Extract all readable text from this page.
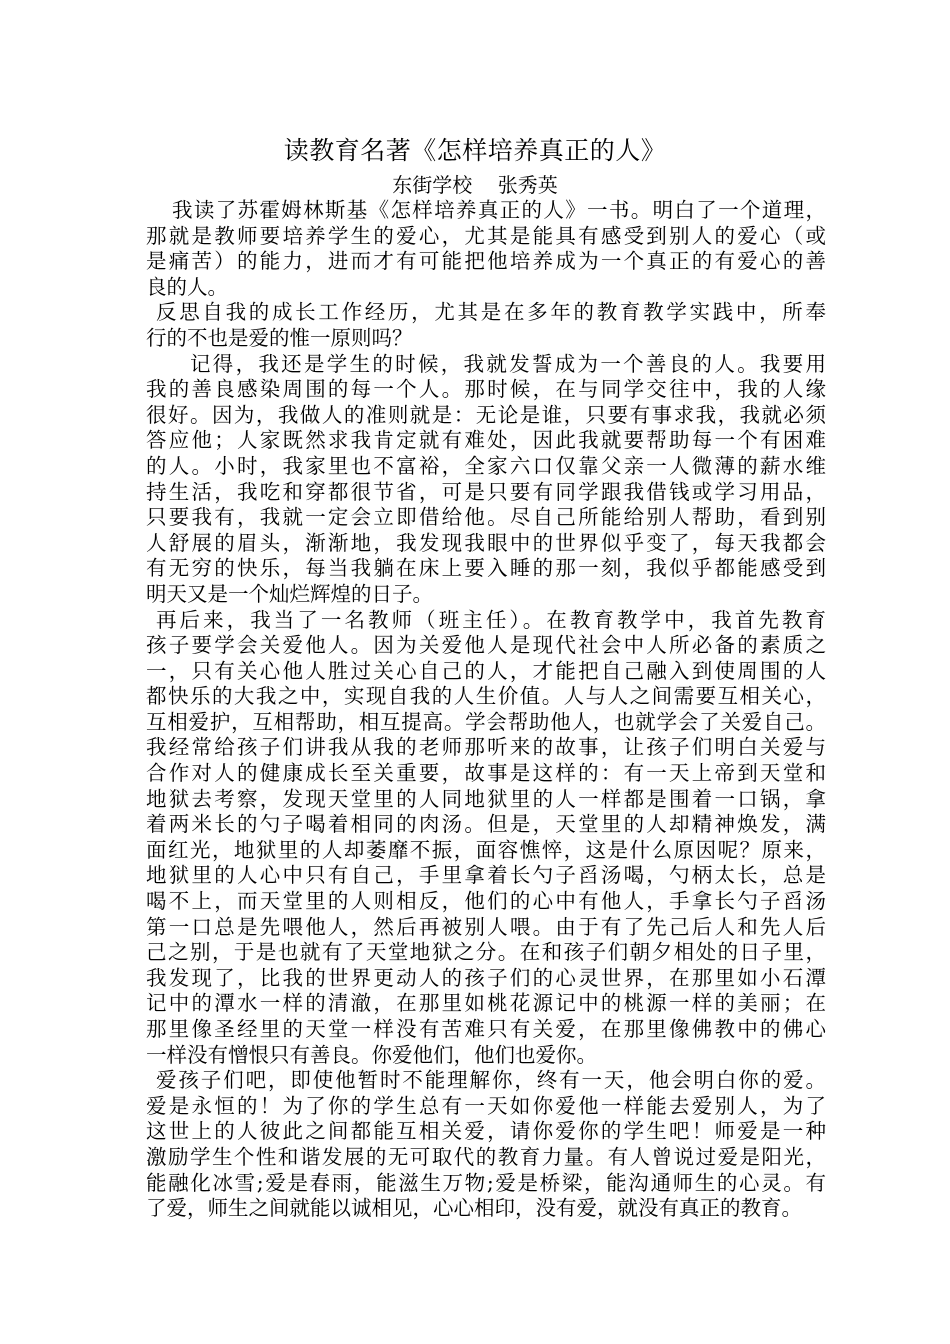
读教育名著《怎样培养真正的人》
东街学校    张秀英
我读了苏霍姆林斯基《怎样培养真正的人》一书。明白了一个道理，
那就是教师要培养学生的爱心，尤其是能具有感受到别人的爱心（或
是痛苦）的能力，进而才有可能把他培养成为一个真正的有爱心的善
良的人。
反思自我的成长工作经历，尤其是在多年的教育教学实践中，所奉
行的不也是爱的惟一原则吗？
记得，我还是学生的时候，我就发誓成为一个善良的人。我要用
我的善良感染周围的每一个人。那时候，在与同学交往中，我的人缘
很好。因为，我做人的准则就是：无论是谁，只要有事求我，我就必须
答应他；人家既然求我肯定就有难处，因此我就要帮助每一个有困难
的人。小时，我家里也不富裕，全家六口仅靠父亲一人微薄的薪水维
持生活，我吃和穿都很节省，可是只要有同学跟我借钱或学习用品，
只要我有，我就一定会立即借给他。尽自己所能给别人帮助，看到别
人舒展的眉头，渐渐地，我发现我眼中的世界似乎变了，每天我都会
有无穷的快乐，每当我躺在床上要入睡的那一刻，我似乎都能感受到
明天又是一个灿烂辉煌的日子。
再后来，我当了一名教师（班主任）。在教育教学中，我首先教育
孩子要学会关爱他人。因为关爱他人是现代社会中人所必备的素质之
一，只有关心他人胜过关心自己的人，才能把自己融入到使周围的人
都快乐的大我之中，实现自我的人生价值。人与人之间需要互相关心，
互相爱护，互相帮助，相互提高。学会帮助他人，也就学会了关爱自己。
我经常给孩子们讲我从我的老师那听来的故事，让孩子们明白关爱与
合作对人的健康成长至关重要，故事是这样的：有一天上帝到天堂和
地狱去考察，发现天堂里的人同地狱里的人一样都是围着一口锅，拿
着两米长的勺子喝着相同的肉汤。但是，天堂里的人却精神焕发，满
面红光，地狱里的人却萎靡不振，面容憔悴，这是什么原因呢？原来，
地狱里的人心中只有自己，手里拿着长勺子舀汤喝，勺柄太长，总是
喝不上，而天堂里的人则相反，他们的心中有他人，手拿长勺子舀汤
第一口总是先喂他人，然后再被别人喂。由于有了先己后人和先人后
己之别，于是也就有了天堂地狱之分。在和孩子们朝夕相处的日子里，
我发现了，比我的世界更动人的孩子们的心灵世界，在那里如小石潭
记中的潭水一样的清澈，在那里如桃花源记中的桃源一样的美丽；在
那里像圣经里的天堂一样没有苦难只有关爱，在那里像佛教中的佛心
一样没有憎恨只有善良。你爱他们，他们也爱你。
爱孩子们吧，即使他暂时不能理解你，终有一天，他会明白你的爱。
爱是永恒的！为了你的学生总有一天如你爱他一样能去爱别人，为了
这世上的人彼此之间都能互相关爱，请你爱你的学生吧！师爱是一种
激励学生个性和谐发展的无可取代的教育力量。有人曾说过爱是阳光，
能融化冰雪;爱是春雨，能滋生万物;爱是桥梁，能沟通师生的心灵。有
了爱，师生之间就能以诚相见，心心相印，没有爱，就没有真正的教育。
